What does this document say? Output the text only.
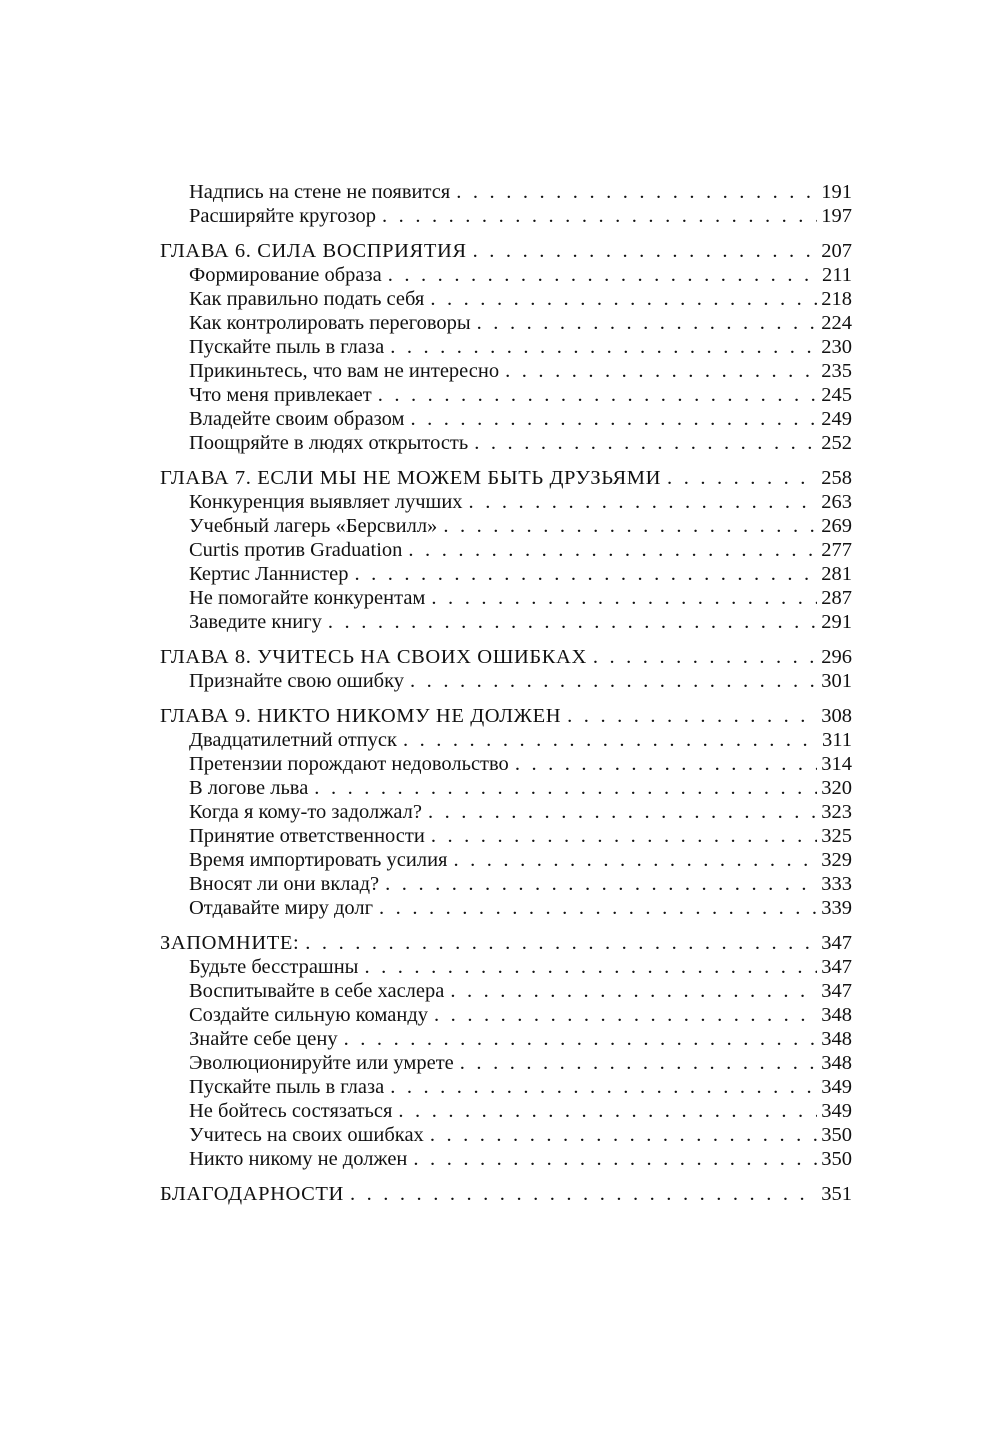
Надпись на стене не появится . . .	191
Расширяйте кругозор . . .	197
ГЛАВА 6. СИЛА ВОСПРИЯТИЯ . . .	207
Формирование образа . . .	211
Как правильно подать себя . . .	218
Как контролировать переговоры . . .	224
Пускайте пыль в глаза . . .	230
Прикиньтесь, что вам не интересно . . .	235
Что меня привлекает . . .	245
Владейте своим образом . . .	249
Поощряйте в людях открытость . . .	252
ГЛАВА 7. ЕСЛИ МЫ НЕ МОЖЕМ БЫТЬ ДРУЗЬЯМИ . . .	258
Конкуренция выявляет лучших . . .	263
Учебный лагерь «Берсвилл» . . .	269
Curtis против Graduation . . .	277
Кертис Ланнистер . . .	281
Не помогайте конкурентам . . .	287
Заведите книгу . . .	291
ГЛАВА 8. УЧИТЕСЬ НА СВОИХ ОШИБКАХ . . .	296
Признайте свою ошибку . . .	301
ГЛАВА 9. НИКТО НИКОМУ НЕ ДОЛЖЕН . . .	308
Двадцатилетний отпуск . . .	311
Претензии порождают недовольство . . .	314
В логове льва . . .	320
Когда я кому-то задолжал? . . .	323
Принятие ответственности . . .	325
Время импортировать усилия . . .	329
Вносят ли они вклад? . . .	333
Отдавайте миру долг . . .	339
ЗАПОМНИТЕ: . . .	347
Будьте бесстрашны . . .	347
Воспитывайте в себе хаслера . . .	347
Создайте сильную команду . . .	348
Знайте себе цену . . .	348
Эволюционируйте или умрете . . .	348
Пускайте пыль в глаза . . .	349
Не бойтесь состязаться . . .	349
Учитесь на своих ошибках . . .	350
Никто никому не должен . . .	350
БЛАГОДАРНОСТИ . . .	351
